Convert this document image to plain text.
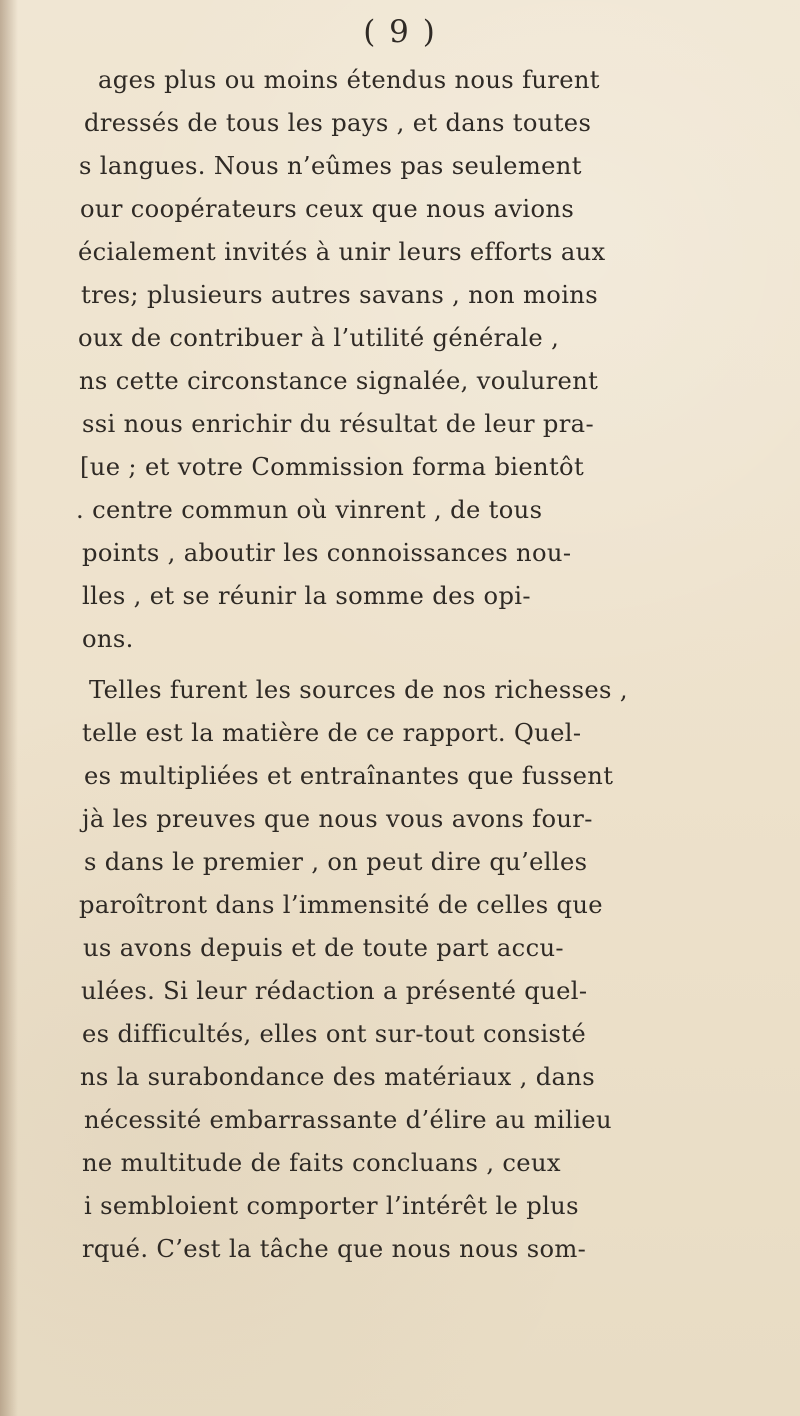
( 9 )
ages plus ou moins étendus nous furent
dressés de tous les pays , et dans toutes
s langues. Nous n’eûmes pas seulement
our coopérateurs ceux que nous avions
écialement invités à unir leurs efforts aux
tres; plusieurs autres savans , non moins
oux de contribuer à l’utilité générale ,
ns cette circonstance signalée, voulurent
ssi nous enrichir du résultat de leur pra-
[ue ; et votre Commission forma bientôt
. centre commun où vinrent , de tous
points , aboutir les connoissances nou-
lles , et se réunir la somme des opi-
ons.
Telles furent les sources de nos richesses ,
telle est la matière de ce rapport. Quel-
es multipliées et entraînantes que fussent
jà les preuves que nous vous avons four-
s dans le premier , on peut dire qu’elles
paroîtront dans l’immensité de celles que
us avons depuis et de toute part accu-
ulées. Si leur rédaction a présenté quel-
es difficultés, elles ont sur-tout consisté
ns la surabondance des matériaux , dans
nécessité embarrassante d’élire au milieu
ne multitude de faits concluans , ceux
i sembloient comporter l’intérêt le plus
rqué. C’est la tâche que nous nous som-
